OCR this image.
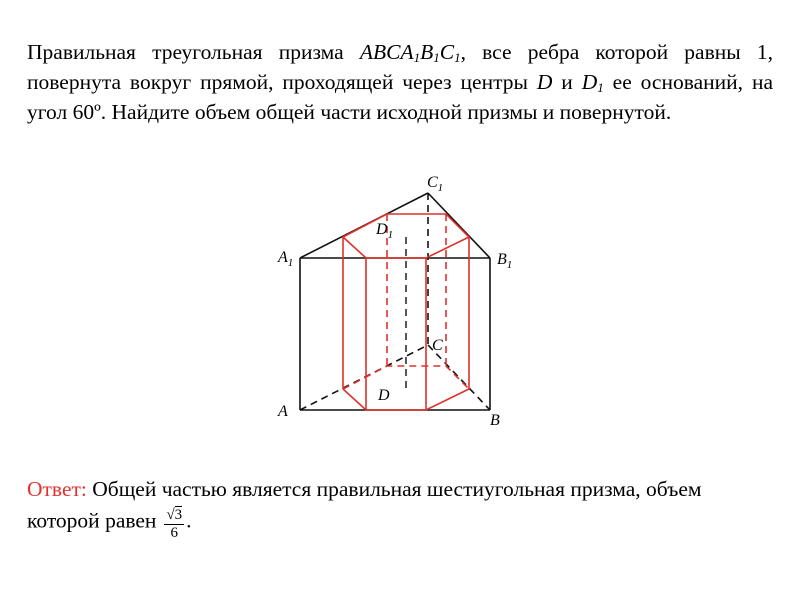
Правильная треугольная призма $ABCA_1B_1C_1$, все ребра которой равны 1, повернута вокруг прямой, проходящей через центры D и $D_1$ ее оснований, на угол 60º. Найдите объем общей части исходной призмы и повернутой.
$A_1$	$B_1$
$C_1$
$D_1$
A
B
C
D
Ответ: Общей частью является правильная шестиугольная призма, объем которой равен $\frac{√3}{6}$ .
